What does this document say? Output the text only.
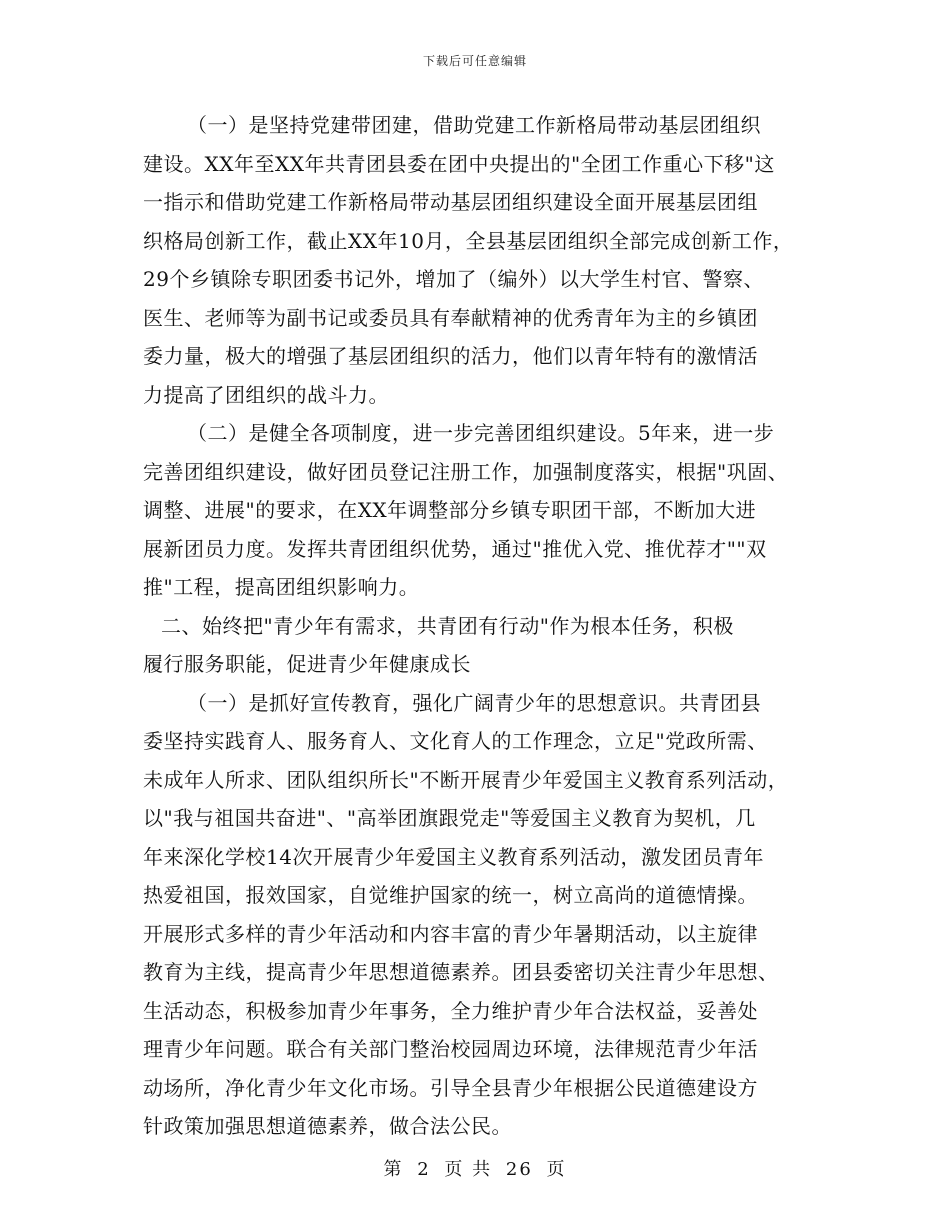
下载后可任意编辑
（一）是坚持党建带团建，借助党建工作新格局带动基层团组织
建设。XX年至XX年共青团县委在团中央提出的"全团工作重心下移"这
一指示和借助党建工作新格局带动基层团组织建设全面开展基层团组
织格局创新工作，截止XX年10月，全县基层团组织全部完成创新工作，
29个乡镇除专职团委书记外，增加了（编外）以大学生村官、警察、
医生、老师等为副书记或委员具有奉献精神的优秀青年为主的乡镇团
委力量，极大的增强了基层团组织的活力，他们以青年特有的激情活
力提高了团组织的战斗力。
（二）是健全各项制度，进一步完善团组织建设。5年来，进一步
完善团组织建设，做好团员登记注册工作，加强制度落实，根据"巩固、
调整、进展"的要求，在XX年调整部分乡镇专职团干部，不断加大进
展新团员力度。发挥共青团组织优势，通过"推优入党、推优荐才""双
推"工程，提高团组织影响力。
二、始终把"青少年有需求，共青团有行动"作为根本任务，积极
履行服务职能，促进青少年健康成长
（一）是抓好宣传教育，强化广阔青少年的思想意识。共青团县
委坚持实践育人、服务育人、文化育人的工作理念，立足"党政所需、
未成年人所求、团队组织所长"不断开展青少年爱国主义教育系列活动，
以"我与祖国共奋进"、"高举团旗跟党走"等爱国主义教育为契机，几
年来深化学校14次开展青少年爱国主义教育系列活动，激发团员青年
热爱祖国，报效国家，自觉维护国家的统一，树立高尚的道德情操。
开展形式多样的青少年活动和内容丰富的青少年暑期活动，以主旋律
教育为主线，提高青少年思想道德素养。团县委密切关注青少年思想、
生活动态，积极参加青少年事务，全力维护青少年合法权益，妥善处
理青少年问题。联合有关部门整治校园周边环境，法律规范青少年活
动场所，净化青少年文化市场。引导全县青少年根据公民道德建设方
针政策加强思想道德素养，做合法公民。
第 2 页 共 26 页
